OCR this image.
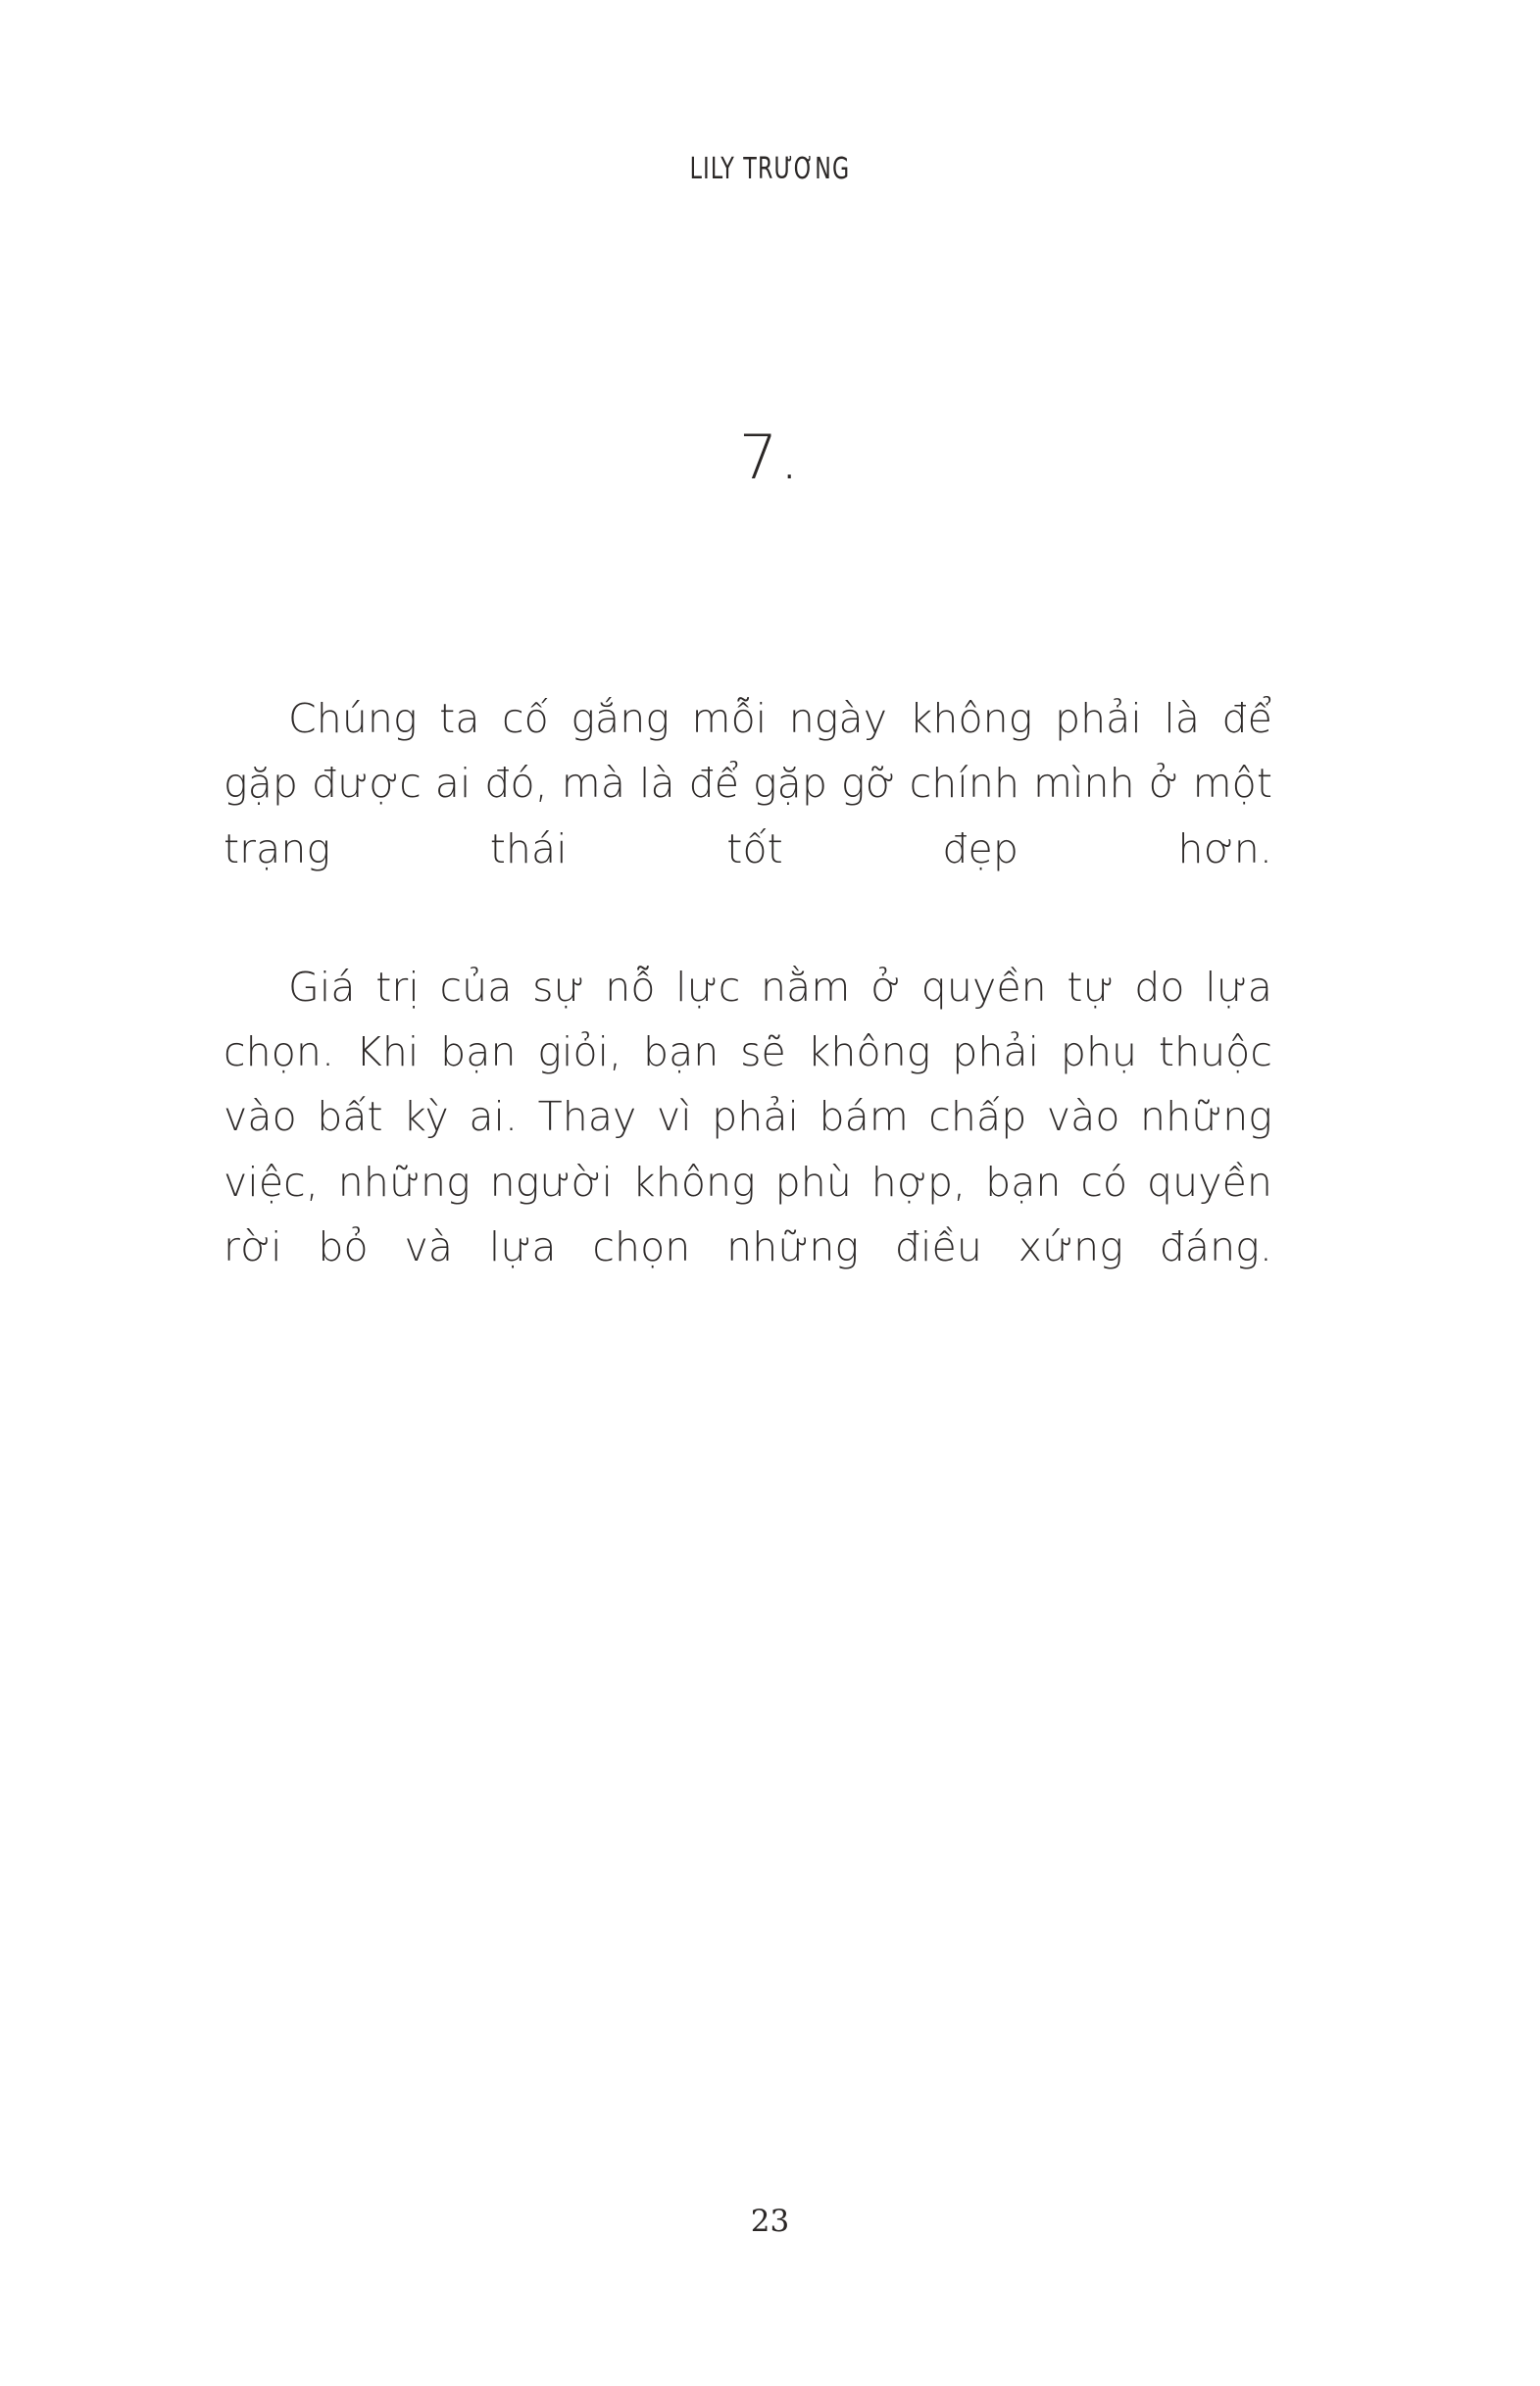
LILY TRƯƠNG
7.

Chúng ta cố gắng mỗi ngày không phải là để gặp được ai đó, mà là để gặp gỡ chính mình ở một trạng thái tốt đẹp hơn.

Giá trị của sự nỗ lực nằm ở quyền tự do lựa chọn. Khi bạn giỏi, bạn sẽ không phải phụ thuộc vào bất kỳ ai. Thay vì phải bám chấp vào những việc, những người không phù hợp, bạn có quyền rời bỏ và lựa chọn những điều xứng đáng.

23
